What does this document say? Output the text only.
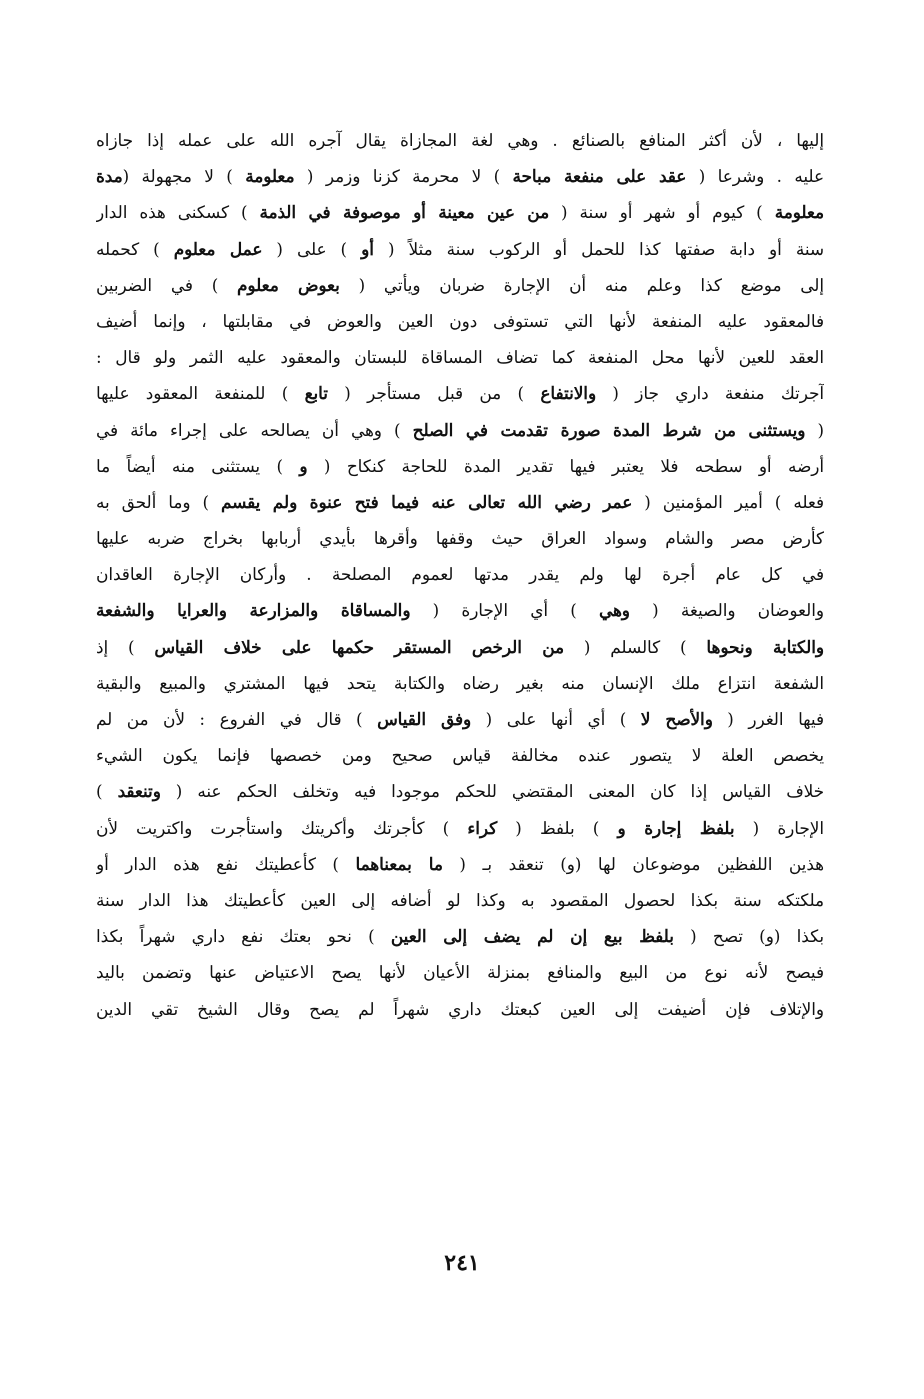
إليها ، لأن أكثر المنافع بالصنائع . وهي لغة المجازاة يقال آجره الله على عمله إذا جازاه
عليه . وشرعا ( عقد على منفعة مباحة ) لا محرمة كزنا وزمر ( معلومة ) لا مجهولة (مدة
معلومة ) كيوم أو شهر أو سنة ( من عين معينة أو موصوفة في الذمة ) كسكنى هذه الدار
سنة أو دابة صفتها كذا للحمل أو الركوب سنة مثلاً ( أو ) على ( عمل معلوم ) كحمله
إلى موضع كذا وعلم منه أن الإجارة ضربان ويأتي ( بعوض معلوم ) في الضربين
فالمعقود عليه المنفعة لأنها التي تستوفى دون العين والعوض في مقابلتها ، وإنما أضيف
العقد للعين لأنها محل المنفعة كما تضاف المساقاة للبستان والمعقود عليه الثمر ولو قال :
آجرتك منفعة داري جاز ( والانتفاع ) من قبل مستأجر ( تابع ) للمنفعة المعقود عليها
( ويستثنى من شرط المدة صورة تقدمت في الصلح ) وهي أن يصالحه على إجراء مائة في
أرضه أو سطحه فلا يعتبر فيها تقدير المدة للحاجة كنكاح ( و ) يستثنى منه أيضاً ما
فعله ) أمير المؤمنين ( عمر رضي الله تعالى عنه فيما فتح عنوة ولم يقسم ) وما ألحق به
كأرض مصر والشام وسواد العراق حيث وقفها وأقرها بأيدي أربابها بخراج ضربه عليها
في كل عام أجرة لها ولم يقدر مدتها لعموم المصلحة . وأركان الإجارة العاقدان
والعوضان والصيغة ( وهي ) أي الإجارة ( والمساقاة والمزارعة والعرايا والشفعة
والكتابة ونحوها ) كالسلم ( من الرخص المستقر حكمها على خلاف القياس ) إذ
الشفعة انتزاع ملك الإنسان منه بغير رضاه والكتابة يتحد فيها المشتري والمبيع والبقية
فيها الغرر ( والأصح لا ) أي أنها على ( وفق القياس ) قال في الفروع : لأن من لم
يخصص العلة لا يتصور عنده مخالفة قياس صحيح ومن خصصها فإنما يكون الشيء
خلاف القياس إذا كان المعنى المقتضي للحكم موجودا فيه وتخلف الحكم عنه ( وتنعقد )
الإجارة ( بلفظ إجارة و ) بلفظ ( كراء ) كأجرتك وأكريتك واستأجرت واكتريت لأن
هذين اللفظين موضوعان لها (و) تنعقد بـ ( ما بمعناهما ) كأعطيتك نفع هذه الدار أو
ملكتكه سنة بكذا لحصول المقصود به وكذا لو أضافه إلى العين كأعطيتك هذا الدار سنة
بكذا (و) تصح ( بلفظ بيع إن لم يضف إلى العين ) نحو بعتك نفع داري شهراً بكذا
فيصح لأنه نوع من البيع والمنافع بمنزلة الأعيان لأنها يصح الاعتياض عنها وتضمن باليد
والإتلاف فإن أضيفت إلى العين كبعتك داري شهراً لم يصح وقال الشيخ تقي الدين
٢٤١
